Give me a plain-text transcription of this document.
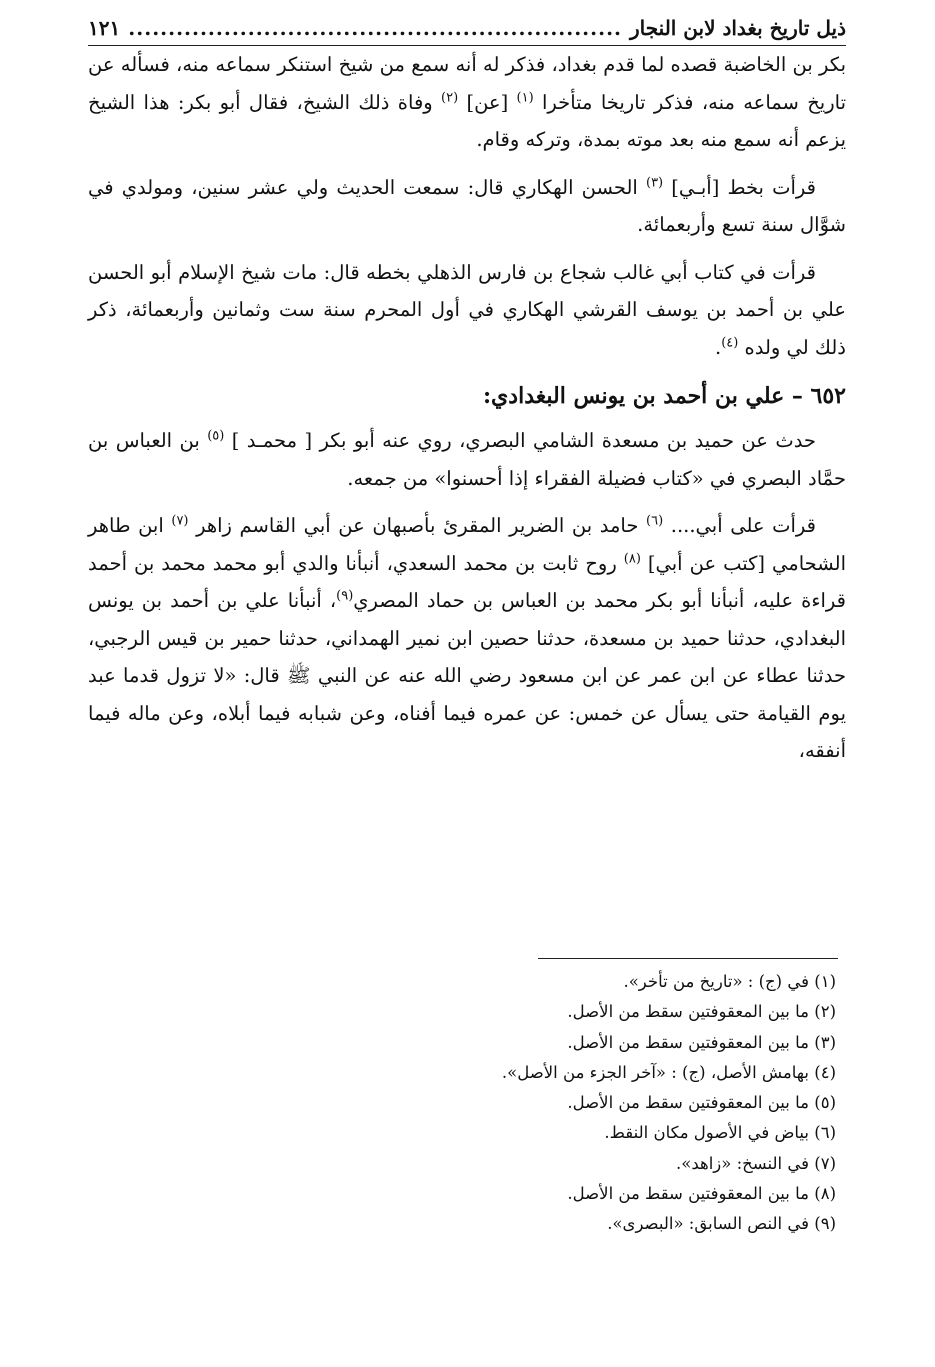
ذيل تاريخ بغداد لابن النجار
.....
١٢١

بكر بن الخاضبة قصده لما قدم بغداد، فذكر له أنه سمع من شيخ استنكر سماعه منه، فسأله عن تاريخ سماعه منه، فذكر تاريخا متأخرا $^{(١)}$ [عن] $^{(٢)}$ وفاة ذلك الشيخ، فقال أبو بكر: هذا الشيخ يزعم أنه سمع منه بعد موته بمدة، وتركه وقام.

قرأت بخط [أبـي] $^{(٣)}$ الحسن الهكاري قال: سمعت الحديث ولي عشر سنين، ومولدي في شوَّال سنة تسع وأربعمائة.

قرأت في كتاب أبي غالب شجاع بن فارس الذهلي بخطه قال: مات شيخ الإسلام أبو الحسن علي بن أحمد بن يوسف القرشي الهكاري في أول المحرم سنة ست وثمانين وأربعمائة، ذكر ذلك لي ولده $^{(٤)}$.

٦٥٢ – علي بن أحمد بن يونس البغدادي:

حدث عن حميد بن مسعدة الشامي البصري، روي عنه أبو بكر [ محمـد ] $^{(٥)}$ بن العباس بن حمَّاد البصري في «كتاب فضيلة الفقراء إذا أحسنوا» من جمعه.

قرأت على أبي.... $^{(٦)}$ حامد بن الضرير المقرئ بأصبهان عن أبي القاسم زاهر $^{(٧)}$ ابن طاهر الشحامي [كتب عن أبي] $^{(٨)}$ روح ثابت بن محمد السعدي، أنبأنا والدي أبو محمد محمد بن أحمد قراءة عليه، أنبأنا أبو بكر محمد بن العباس بن حماد المصري$^{(٩)}$، أنبأنا علي بن أحمد بن يونس البغدادي، حدثنا حميد بن مسعدة، حدثنا حصين ابن نمير الهمداني، حدثنا حمير بن قيس الرجبي، حدثنا عطاء عن ابن عمر عن ابن مسعود رضي الله عنه عن النبي ﷺ قال: «لا تزول قدما عبد يوم القيامة حتى يسأل عن خمس: عن عمره فيما أفناه، وعن شبابه فيما أبلاه، وعن ماله فيما أنفقه،

(١) في (ج) : «تاريخ من تأخر».
(٢) ما بين المعقوفتين سقط من الأصل.
(٣) ما بين المعقوفتين سقط من الأصل.
(٤) بهامش الأصل، (ج) : «آخر الجزء من الأصل».
(٥) ما بين المعقوفتين سقط من الأصل.
(٦) بياض في الأصول مكان النقط.
(٧) في النسخ: «زاهد».
(٨) ما بين المعقوفتين سقط من الأصل.
(٩) في النص السابق: «البصرى».
